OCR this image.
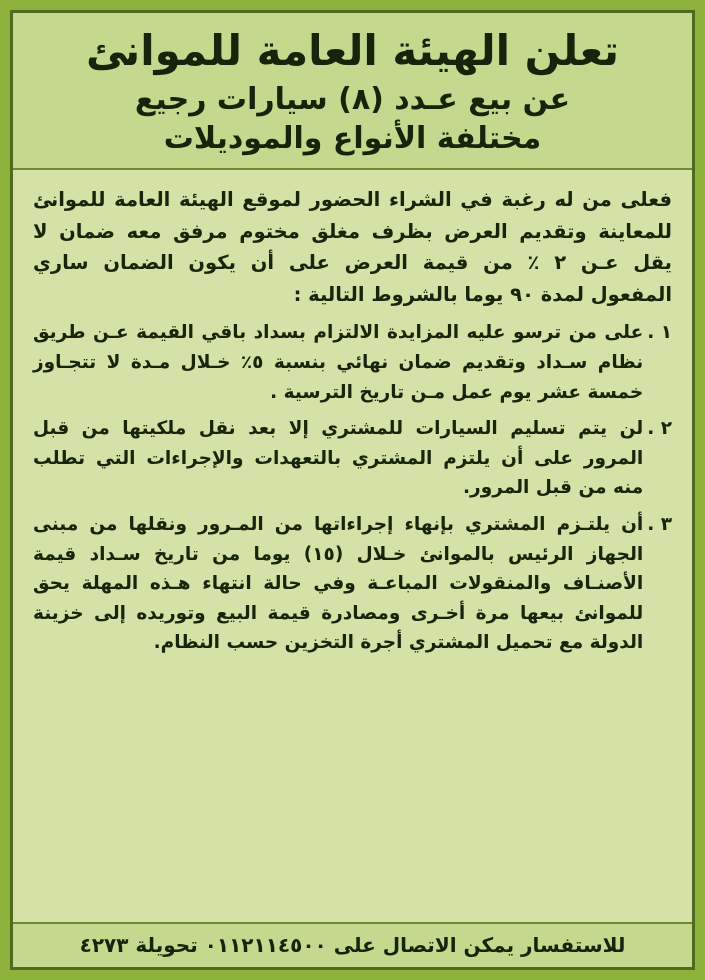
تعلن الهيئة العامة للموانئ
عن بيع عـدد (٨) سيارات رجيع
مختلفة الأنواع والموديلات

فعلى من له رغبة في الشراء الحضور لموقع الهيئة العامة للموانئ للمعاينة وتقديم العرض بظرف مغلق مختوم مرفق معه ضمان لا يقل عـن ٢ ٪ من قيمة العرض على أن يكون الضمان ساري المفعول لمدة ٩٠ يوما بالشروط التالية :

١ .
على من ترسو عليه المزايدة الالتزام بسداد باقي القيمة عـن طريق نظام سـداد وتقديم ضمان نهائي بنسبة ٥٪ خـلال مـدة لا تتجـاوز خمسة عشر يوم عمل مـن تاريخ الترسية .
٢ .
لن يتم تسليم السيارات للمشتري إلا بعد نقل ملكيتها من قبل المرور على أن يلتزم المشتري بالتعهدات والإجراءات التي تطلب منه من قبل المرور.
٣ .
أن يلتـزم المشتري بإنهاء إجراءاتها من المـرور ونقلها من مبنى الجهاز الرئيس بالموانئ خـلال (١٥) يوما من تاريخ سـداد قيمة الأصنـاف والمنقولات المباعـة وفي حالة انتهاء هـذه المهلة يحق للموانئ بيعها مرة أخـرى ومصادرة قيمة البيع وتوريده إلى خزينة الدولة مع تحميل المشتري أجرة التخزين حسب النظام.
للاستفسار يمكن الاتصال على ٠١١٢١١٤٥٠٠ تحويلة ٤٢٧٣
